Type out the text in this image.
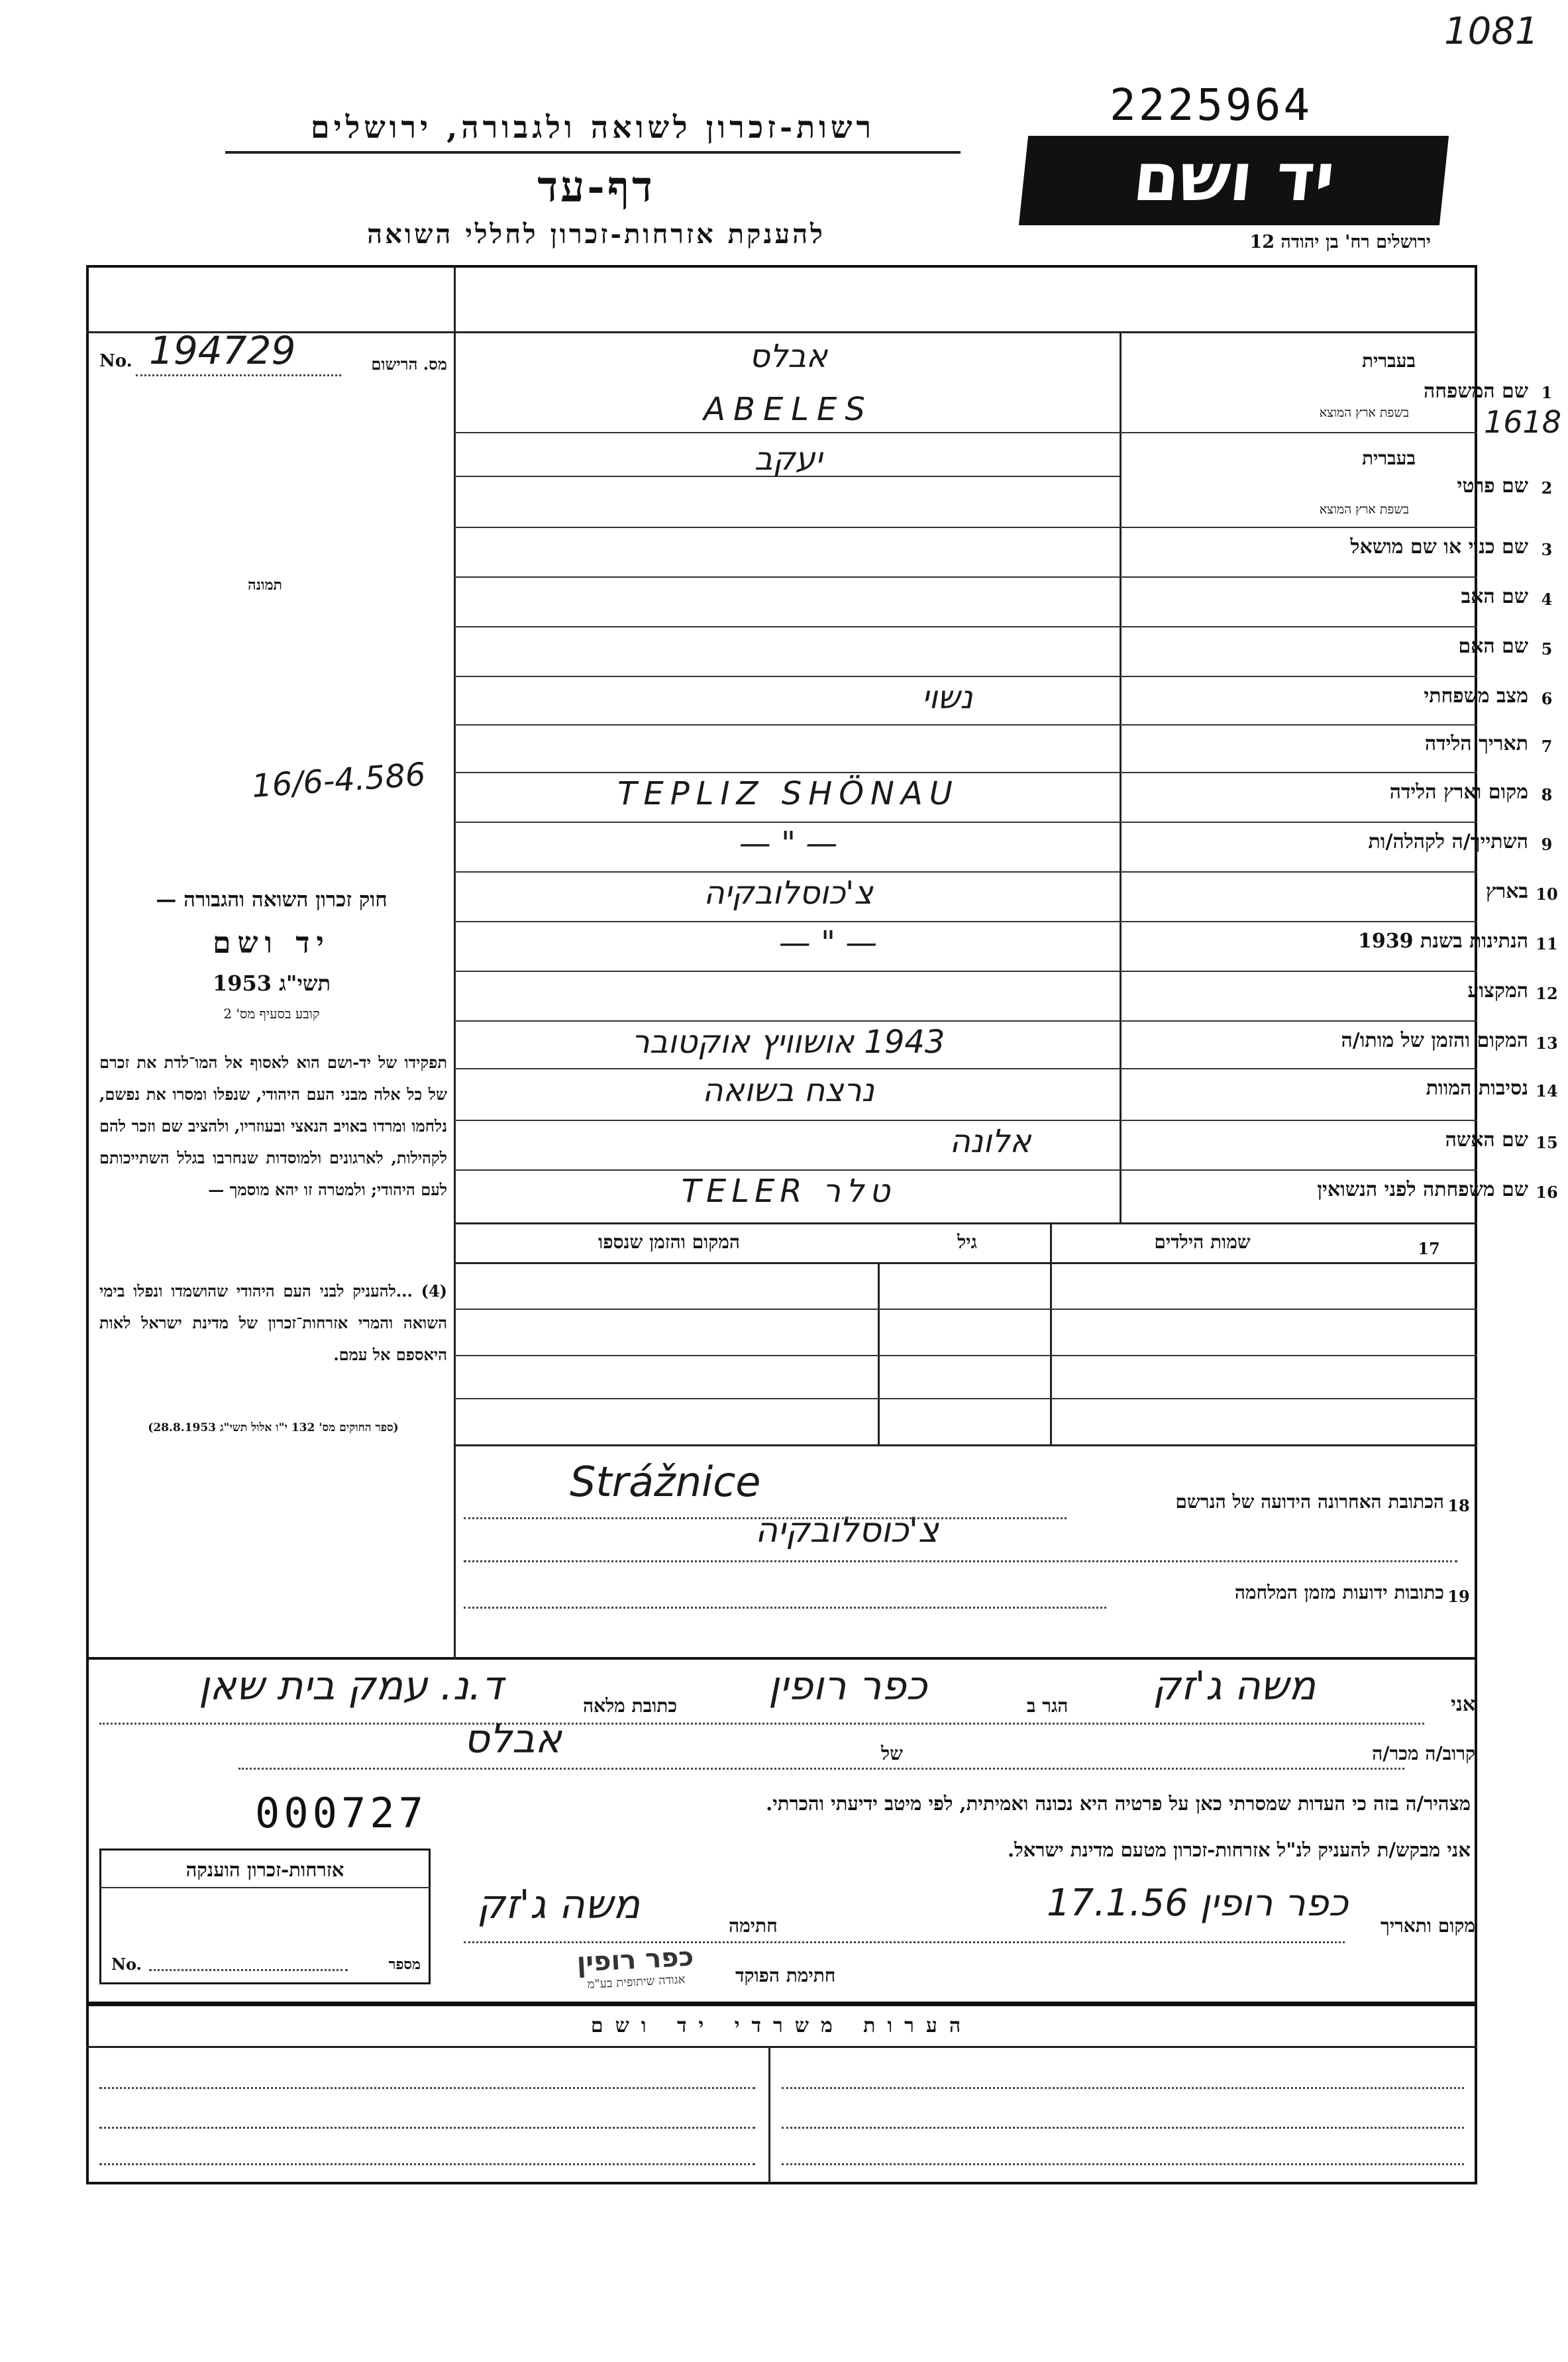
1081
רשות-זכרון לשואה ולגבורה, ירושלים
דף-עד
להענקת אזרחות-זכרון לחללי השואה
2225964
יד ושם
ירושלים רח' בן יהודה 12
1618
No. 194729	מס. הרישום
תמונה
16/6-4.586
חוק זכרון השואה והגבורה —
יד ושם
תשי"ג 1953
קובע בסעיף מס' 2
תפקידו של יד-ושם הוא לאסוף אל המו־לדת את זכרם של כל אלה מבני העם היהודי, שנפלו ומסרו את נפשם, נלחמו ומרדו באויב הנאצי ובעוזריו, ולהציב שם וזכר להם לקהילות, לארגונים ולמוסדות שנחרבו בגלל השתייכותם לעם היהודי; ולמטרה זו יהא מוסמך —
(4) ...להעניק לבני העם היהודי שהושמדו ונפלו בימי השואה והמרי אזרחות־זכרון של מדינת ישראל לאות היאספם אל עמם.
(ספר החוקים מס' 132 י"ו אלול תשי"ג 28.8.1953)
בעברית
1
שם המשפחה
בשפת ארץ המוצא
אבלס
ABELES
בעברית
2
שם פרטי
בשפת ארץ המוצא
יעקב
3
שם כנוי או שם מושאל
4
שם האב
5
שם האם
6
מצב משפחתי
נשוי
7
תאריך הלידה
8
מקום וארץ הלידה
TEPLIZ SHÖNAU
9
השתייך/ה לקהלה/ות
— " —
10
בארץ
צ'כוסלובקיה
11
הנתינות בשנת 1939
— " —
12
המקצוע
13
המקום והזמן של מותו/ה
1943 אושוויץ אוקטובר
14
נסיבות המוות
נרצח בשואה
15
שם האשה
אלונה
16
שם משפחתה לפני הנשואין
TELER טלר
17
שמות הילדים
גיל
המקום והזמן שנספו
18
הכתובת האחרונה הידועה של הנרשם
Strážnice
צ'כוסלובקיה
19
כתובות ידועות מזמן המלחמה
אני
משה ג'זק
הגר ב
כפר רופין
כתובת מלאה
ד.נ. עמק בית שאן
קרוב/ה מכר/ה
של
אבלס
מצהיר/ה בזה כי העדות שמסרתי כאן על פרטיה היא נכונה ואמיתית, לפי מיטב ידיעתי והכרתי.
אני מבקש/ת להעניק לנ"ל אזרחות-זכרון מטעם מדינת ישראל.
מקום ותאריך
כפר רופין 17.1.56
חתימה
משה ג'זק
חתימת הפוקד
כפר רופין
אגודה שיתופית בע"מ
000727
אזרחות-זכרון הוענקה
No.	מספר
הערות משרדי יד ושם
